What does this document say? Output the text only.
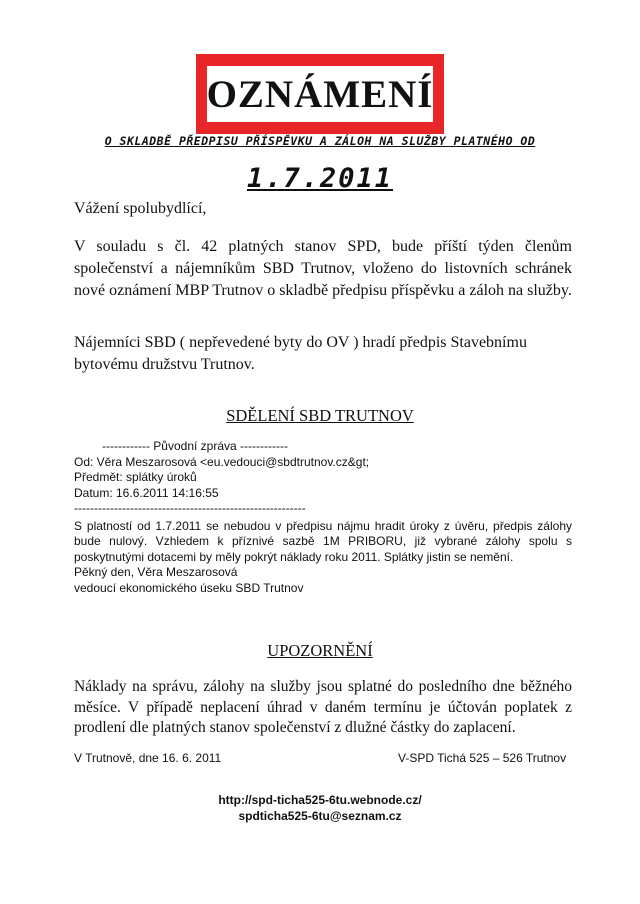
OZNÁMENÍ
O SKLADBĚ PŘEDPISU PŘÍSPĚVKU A ZÁLOH NA SLUŽBY PLATNÉHO OD
1.7.2011
Vážení spolubydlící,
V souladu s čl. 42 platných stanov SPD, bude příští týden členům společenství a nájemníkům SBD Trutnov, vloženo do listovních schránek nové oznámení MBP Trutnov o skladbě předpisu příspěvku a záloh na služby.
Nájemníci SBD ( nepřevedené byty do OV ) hradí předpis Stavebnímu bytovému družstvu Trutnov.
SDĚLENÍ SBD TRUTNOV
------------ Původní zpráva ------------
Od: Věra Meszarosová <eu.vedouci@sbdtrutnov.cz&gt;
Předmět: splátky úroků
Datum: 16.6.2011 14:16:55
----------------------------------------------------------
S platností od 1.7.2011 se nebudou v předpisu nájmu hradit úroky z úvěru, předpis zálohy bude nulový. Vzhledem k příznivé sazbě 1M PRIBORU, již vybrané zálohy spolu s poskytnutými dotacemi by měly pokrýt náklady roku 2011. Splátky jistin se nemění.
Pěkný den, Věra Meszarosová
vedoucí ekonomického úseku SBD Trutnov
UPOZORNĚNÍ
Náklady na správu, zálohy na služby jsou splatné do posledního dne běžného měsíce. V případě neplacení úhrad v daném termínu je účtován poplatek z prodlení dle platných stanov společenství z dlužné částky do zaplacení.
V Trutnově, dne 16. 6. 2011	V-SPD Tichá 525 – 526 Trutnov
http://spd-ticha525-6tu.webnode.cz/
spdticha525-6tu@seznam.cz
